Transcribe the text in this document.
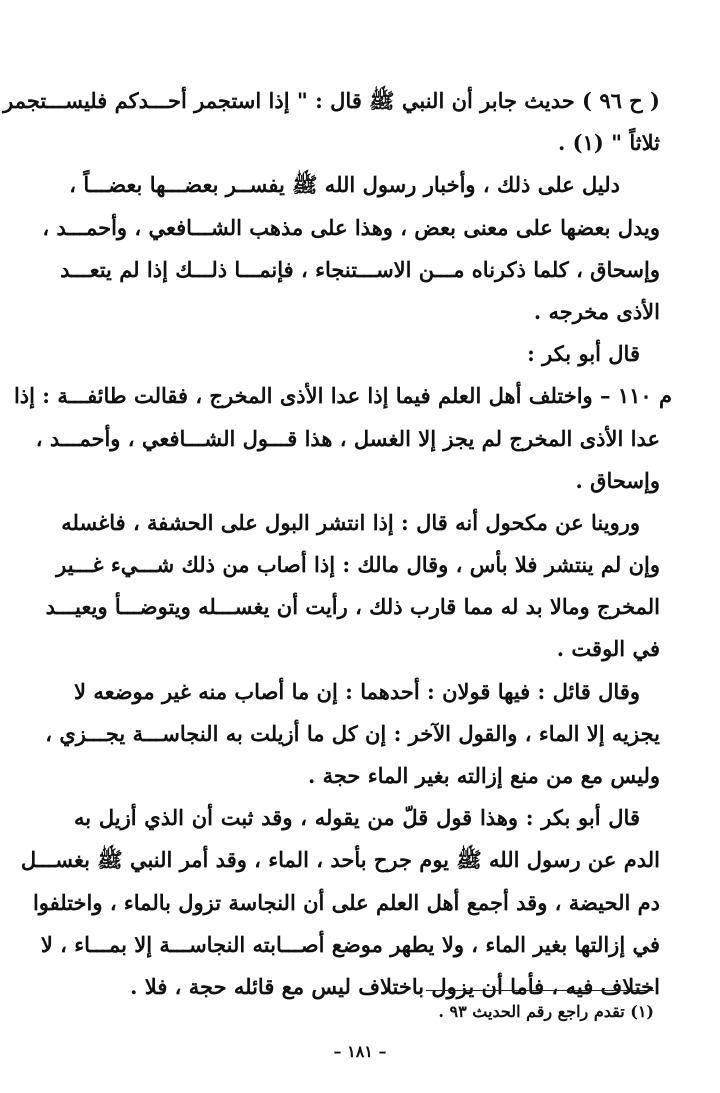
( ح ٩٦ ) حديث جابر أن النبي ﷺ قال : " إذا استجمر أحـــدكم فليســـتجمر
ثلاثاً " (١) .
دليل على ذلك ، وأخبار رسول الله ﷺ يفســر بعضـــها بعضـــاً ،
ويدل بعضها على معنى بعض ، وهذا على مذهب الشـــافعي ، وأحمـــد ،
وإسحاق ، كلما ذكرناه مـــن الاســـتنجاء ، فإنمـــا ذلـــك إذا لم يتعـــد
الأذى مخرجه .
قال أبو بكر :
م ١١٠ – واختلف أهل العلم فيما إذا عدا الأذى المخرج ، فقالت طائفـــة : إذا
عدا الأذى المخرج لم يجز إلا الغسل ، هذا قـــول الشـــافعي ، وأحمـــد ،
وإسحاق .
وروينا عن مكحول أنه قال : إذا انتشر البول على الحشفة ، فاغسله
وإن لم ينتشر فلا بأس ، وقال مالك : إذا أصاب من ذلك شـــيء غـــير
المخرج ومالا بد له مما قارب ذلك ، رأيت أن يغســـله ويتوضـــأ ويعيـــد
في الوقت .
وقال قائل : فيها قولان : أحدهما : إن ما أصاب منه غير موضعه لا
يجزيه إلا الماء ، والقول الآخر : إن كل ما أزيلت به النجاســـة يجـــزي ،
وليس مع من منع إزالته بغير الماء حجة .
قال أبو بكر : وهذا قول قلّ من يقوله ، وقد ثبت أن الذي أزيل به
الدم عن رسول الله ﷺ يوم جرح بأحد ، الماء ، وقد أمر النبي ﷺ بغســـل
دم الحيضة ، وقد أجمع أهل العلم على أن النجاسة تزول بالماء ، واختلفوا
في إزالتها بغير الماء ، ولا يطهر موضع أصـــابته النجاســـة إلا بمـــاء ، لا
اختلاف فيه ، فأما أن يزول باختلاف ليس مع قائله حجة ، فلا .
(١) تقدم راجع رقم الحديث ٩٣ .
– ١٨١ –
